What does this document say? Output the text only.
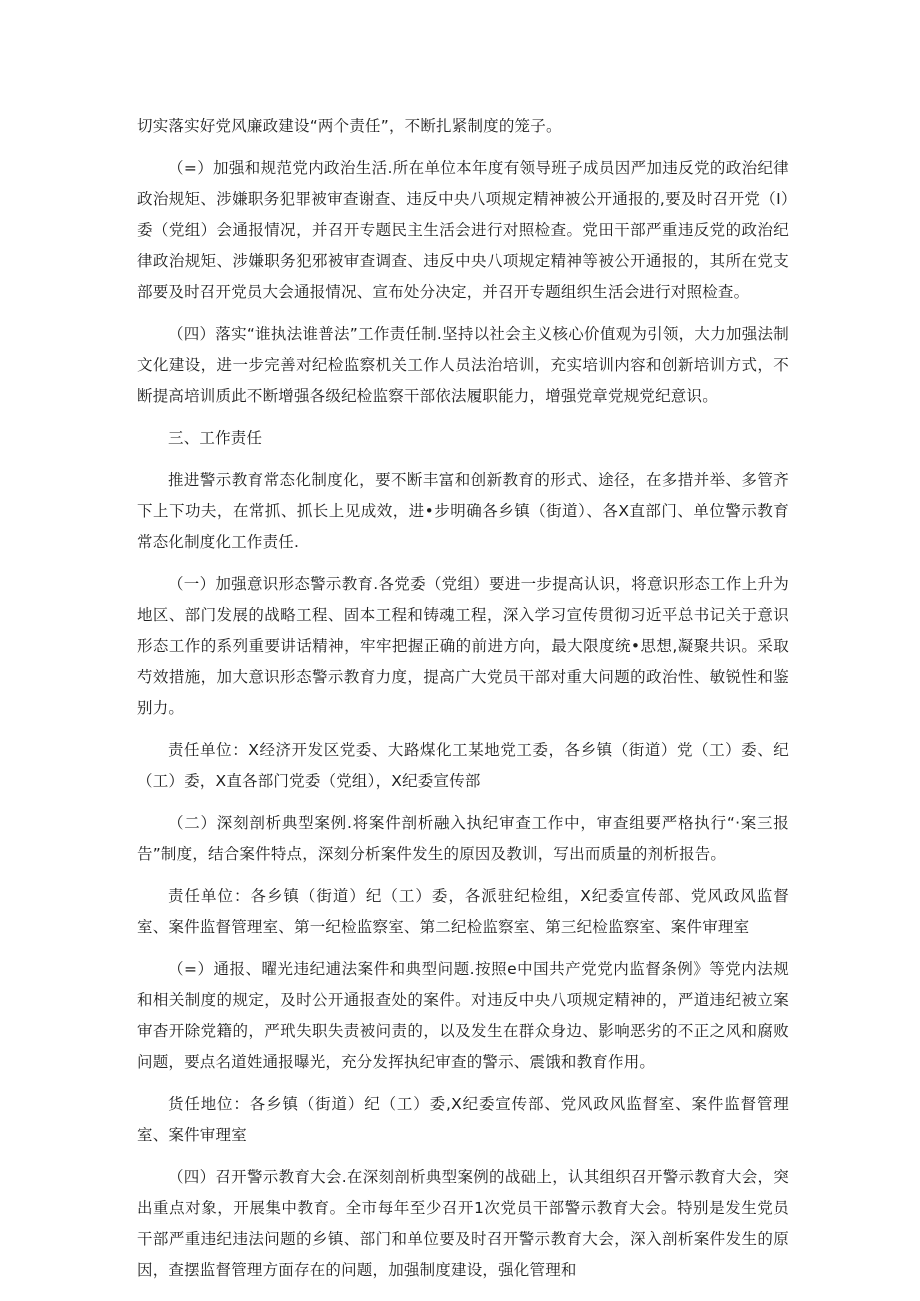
切实落实好党风廉政建设“两个责任”，不断扎紧制度的笼子。

（=）加强和规范党内政治生活.所在单位本年度有领导班子成员因严加违反党的政治纪律政治规矩、涉嫌职务犯罪被审查谢查、违反中央八项规定精神被公开通报的,要及时召开党（I）委（党组）会通报情况，并召开专题民主生活会进行对照检查。党田干部严重违反党的政治纪律政治规矩、涉嫌职务犯邪被审查调查、违反中央八项规定精神等被公开通报的，其所在党支部要及时召开党员大会通报情况、宣布处分决定，并召开专题组织生活会进行对照检查。

（四）落实“谁执法谁普法”工作责任制.坚持以社会主义核心价值观为引领，大力加强法制文化建设，进一步完善对纪检监察机关工作人员法治培训，充实培训内容和创新培训方式，不断提高培训质此不断增强各级纪检监察干部依法履职能力，增强党章党规党纪意识。

三、工作责任

推进警示教育常态化制度化，要不断丰富和创新教育的形式、途径，在多措并举、多管齐下上下功夫，在常抓、抓长上见成效，进•步明确各乡镇（街道）、各X直部门、单位警示教育常态化制度化工作责任.

（一）加强意识形态警示教育.各党委（党组）要进一步提高认识，将意识形态工作上升为地区、部门发展的战略工程、固本工程和铸魂工程，深入学习宣传贯彻习近平总书记关于意识形态工作的系列重要讲话精神，牢牢把握正确的前进方向，最大限度统•思想,凝聚共识。采取芍效措施，加大意识形态警示教育力度，提高广大党员干部对重大问题的政治性、敏锐性和鉴别力。

责任单位：X经济开发区党委、大路煤化工某地党工委，各乡镇（街道）党（工）委、纪（工）委，X直各部门党委（党组），X纪委宣传部

（二）深刻剖析典型案例.将案件剖析融入执纪审查工作中，审查组要严格执行“·案三报告”制度，结合案件特点，深刻分析案件发生的原因及教训，写出而质量的剂析报告。

责任单位：各乡镇（街道）纪（工）委，各派驻纪检组，X纪委宣传部、党风政风监督室、案件监督管理室、第一纪检监察室、第二纪检监察室、第三纪检监察室、案件审理室

（=）通报、曜光违纪逋法案件和典型问题.按照e中国共产党党内监督条例》等党内法规和相关制度的规定，及时公开通报查处的案件。对违反中央八项规定精神的，严道违纪被立案审杳开除党籍的，严玳失职失责被问责的，以及发生在群众身边、影响恶劣的不正之风和腐败问题，要点名道姓通报曝光，充分发挥执纪审查的警示、震饿和教育作用。

货任地位：各乡镇（街道）纪（工）委,X纪委宣传部、党风政风监督室、案件监督管理室、案件审理室

（四）召开警示教育大会.在深刻剖析典型案例的战础上，认其组织召开警示教育大会，突出重点对象，开展集中教育。全市每年至少召开1次党员干部警示教育大会。特别是发生党员干部严重违纪违法问题的乡镇、部门和单位要及时召开警示教育大会，深入剖析案件发生的原因，查摆监督管理方面存在的问题，加强制度建设，强化管理和
